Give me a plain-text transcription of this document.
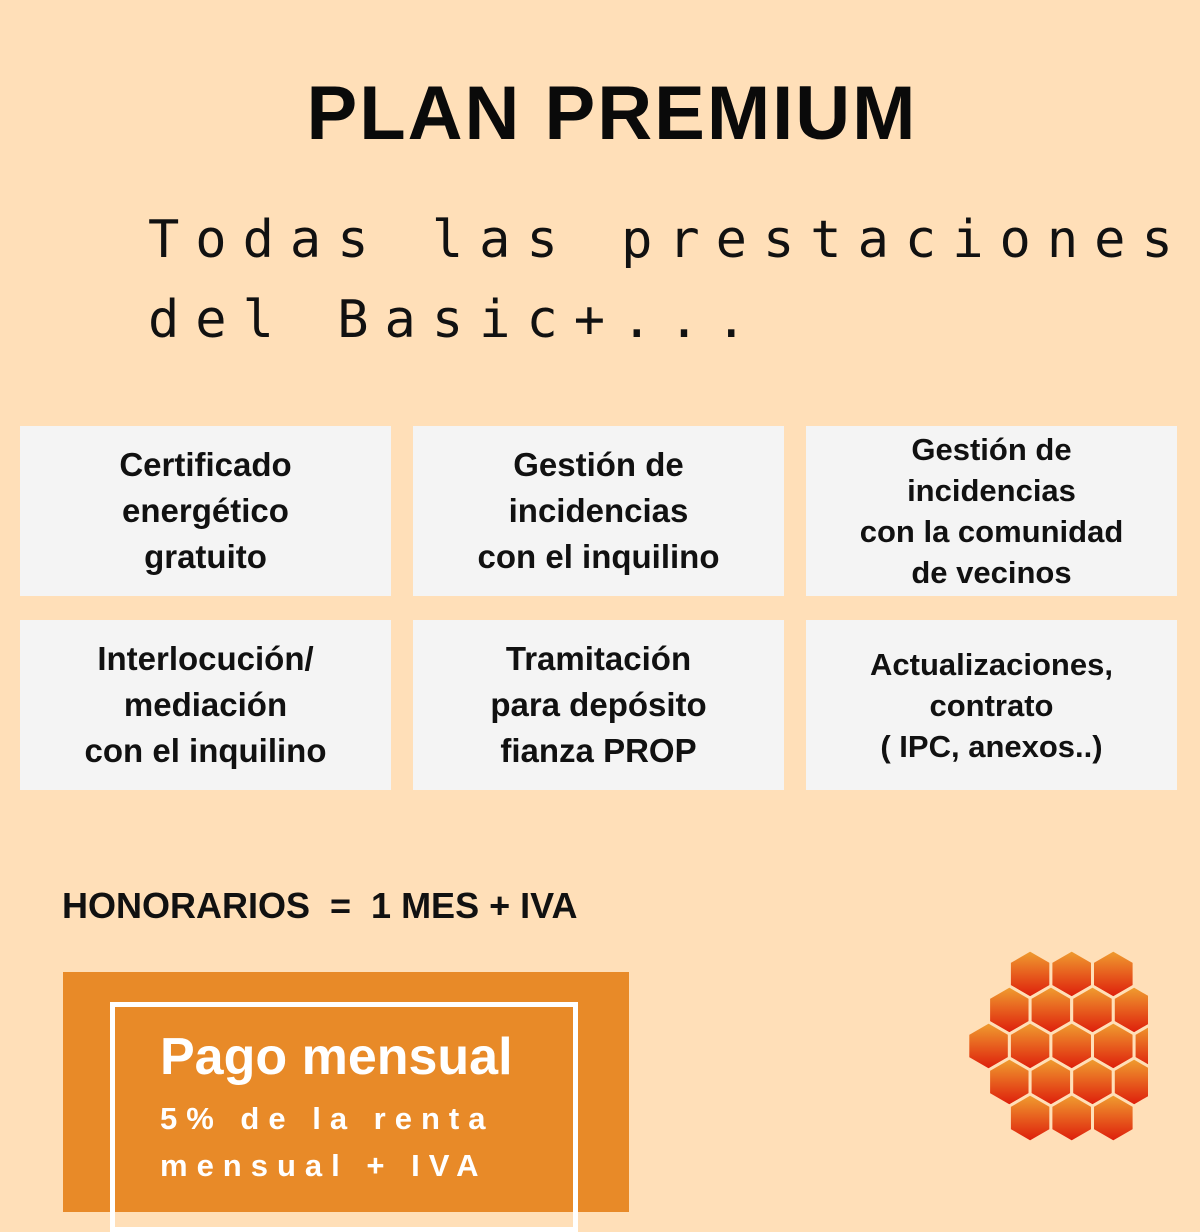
PLAN PREMIUM
Todas las prestaciones
del Basic+...
Certificado
energético
gratuito
Gestión de
incidencias
con el inquilino
Gestión de
incidencias
con la comunidad
de vecinos
Interlocución/
mediación
con el inquilino
Tramitación
para depósito
fianza PROP
Actualizaciones,
contrato
( IPC, anexos..)
HONORARIOS  =  1 MES + IVA
Pago mensual
5% de la renta
mensual + IVA
